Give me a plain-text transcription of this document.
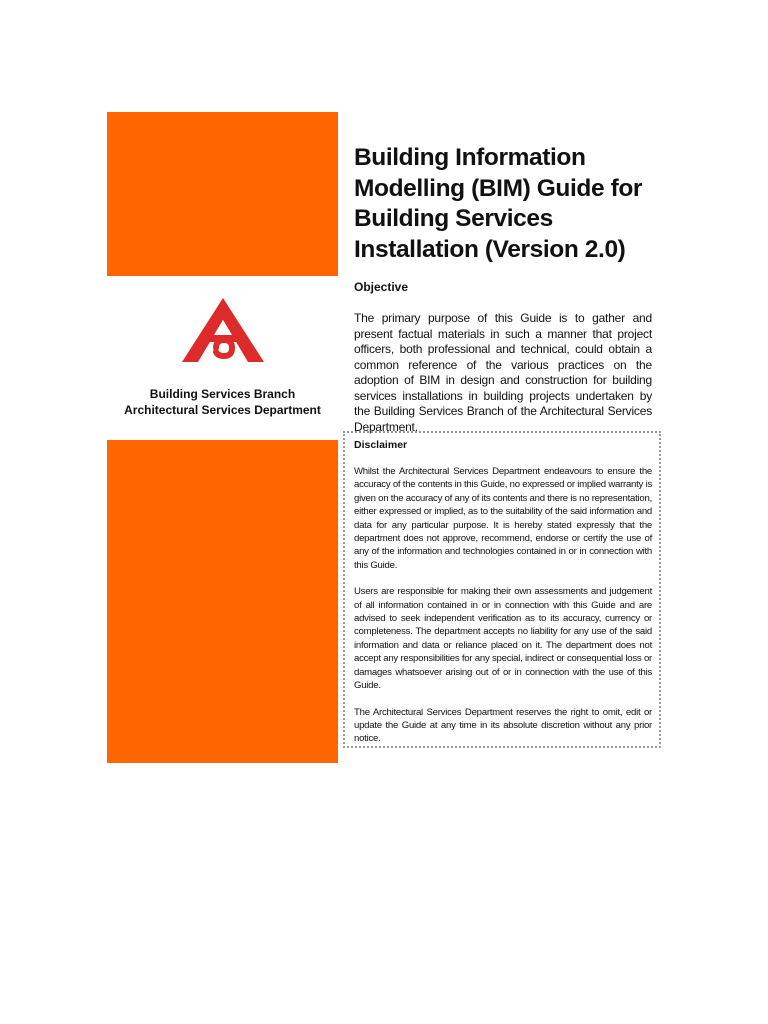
Building Services Branch
Architectural Services Department
Building Information Modelling (BIM) Guide for Building Services Installation (Version 2.0)
Objective

The primary purpose of this Guide is to gather and present factual materials in such a manner that project officers, both professional and technical, could obtain a common reference of the various practices on the adoption of BIM in design and construction for building services installations in building projects undertaken by the Building Services Branch of the Architectural Services Department.

Disclaimer

Whilst the Architectural Services Department endeavours to ensure the accuracy of the contents in this Guide, no expressed or implied warranty is given on the accuracy of any of its contents and there is no representation, either expressed or implied, as to the suitability of the said information and data for any particular purpose. It is hereby stated expressly that the department does not approve, recommend, endorse or certify the use of any of the information and technologies contained in or in connection with this Guide.

Users are responsible for making their own assessments and judgement of all information contained in or in connection with this Guide and are advised to seek independent verification as to its accuracy, currency or completeness. The department accepts no liability for any use of the said information and data or reliance placed on it. The department does not accept any responsibilities for any special, indirect or consequential loss or damages whatsoever arising out of or in connection with the use of this Guide.

The Architectural Services Department reserves the right to omit, edit or update the Guide at any time in its absolute discretion without any prior notice.
